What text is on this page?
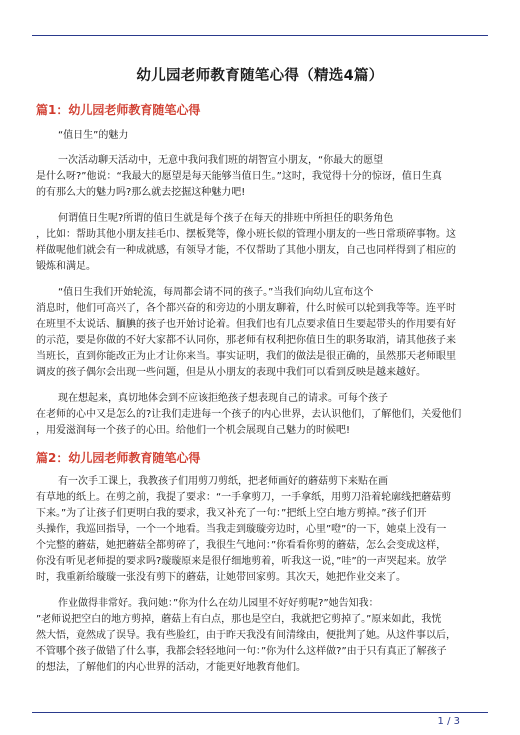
幼儿园老师教育随笔心得（精选4篇）
篇1：幼儿园老师教育随笔心得
“值日生”的魅力
一次活动聊天活动中，无意中我问我们班的胡智宣小朋友，“你最大的愿望
是什么呀?”他说：“我最大的愿望是每天能够当值日生。”这时，我觉得十分的惊讶，值日生真
的有那么大的魅力吗?那么就去挖掘这种魅力吧!
何谓值日生呢?所谓的值日生就是每个孩子在每天的排班中所担任的职务角色
，比如：帮助其他小朋友挂毛巾、摆板凳等，像小班长似的管理小朋友的一些日常琐碎事物。这
样做呢他们就会有一种成就感，有领导才能，不仅帮助了其他小朋友，自己也同样得到了相应的
锻炼和满足。
“值日生我们开始轮流，每周都会请不同的孩子。”当我们向幼儿宣布这个
消息时，他们可高兴了，各个都兴奋的和旁边的小朋友聊着，什么时候可以轮到我等等。连平时
在班里不太说话、腼腆的孩子也开始讨论着。但我们也有几点要求值日生要起带头的作用要有好
的示范，要是你做的不好大家都不认同你，那老师有权利把你值日生的职务取消，请其他孩子来
当班长，直到你能改正为止才让你来当。事实证明，我们的做法是很正确的，虽然那天老师眼里
调皮的孩子偶尔会出现一些问题，但是从小朋友的表现中我们可以看到反映是越来越好。
现在想起来，真切地体会到不应该拒绝孩子想表现自己的请求。可每个孩子
在老师的心中又是怎么的?让我们走进每一个孩子的内心世界，去认识他们，了解他们，关爱他们
，用爱滋润每一个孩子的心田。给他们一个机会展现自己魅力的时候吧!
篇2：幼儿园老师教育随笔心得
有一次手工课上，我教孩子们用剪刀剪纸，把老师画好的蘑菇剪下来贴在画
有草地的纸上。在剪之前，我提了要求：“一手拿剪刀，一手拿纸，用剪刀沿着轮廓线把蘑菇剪
下来。”为了让孩子们更明白我的要求，我又补充了一句：”把纸上空白地方剪掉。”孩子们开
头操作，我巡回指导，一个一个地看。当我走到璇璇旁边时，心里”噔”的一下，她桌上没有一
个完整的蘑菇，她把蘑菇全都剪碎了，我很生气地问：”你看看你剪的蘑菇，怎么会变成这样，
你没有听见老师提的要求吗?璇璇原来是很仔细地剪着，听我这一说，”哇”的一声哭起来。放学
时，我重新给璇璇一张没有剪下的蘑菇，让她带回家剪。其次天，她把作业交来了。
作业做得非常好。我问她：”你为什么在幼儿园里不好好剪呢?”她告知我：
”老师说把空白的地方剪掉，蘑菇上有白点，那也是空白，我就把它剪掉了。”原来如此，我恍
然大悟，竟然成了误导。我有些脸红，由于昨天我没有间清缘由，便批判了她。从这件事以后，
不管哪个孩子做错了什么事，我都会轻轻地问一句：”你为什么这样做?”由于只有真正了解孩子
的想法，了解他们的内心世界的活动，才能更好地教育他们。
1 / 3
